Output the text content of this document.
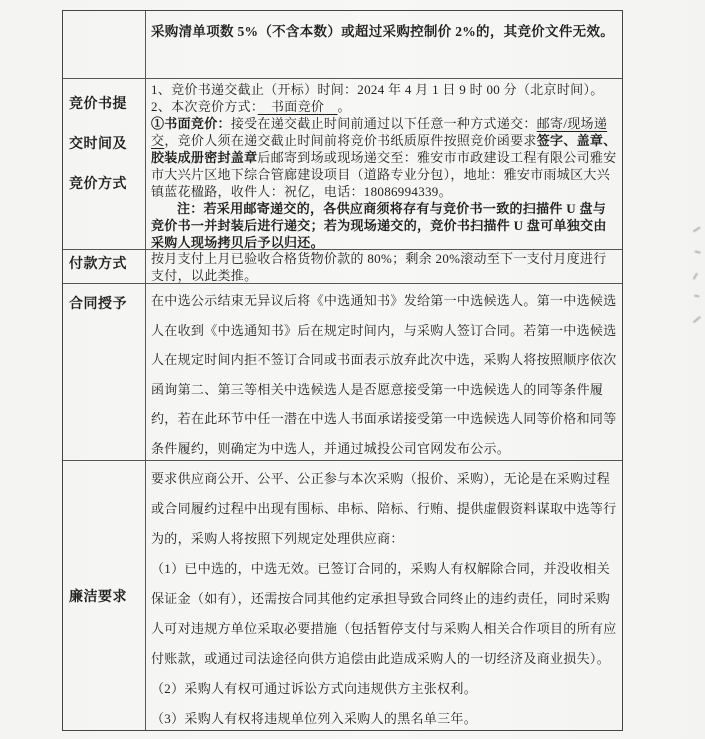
采购清单项数 5%（不含本数）或超过采购控制价 2%的，其竞价文件无效。
竞价书提交时间及竞价方式
1、竞价书递交截止（开标）时间：2024 年 4 月 1 日 9 时 00 分（北京时间）。
2、本次竞价方式：　书面竞价　。
①书面竞价：接受在递交截止时间前通过以下任意一种方式递交：邮寄/现场递交，竞价人须在递交截止时间前将竞价书纸质原件按照竞价函要求签字、盖章、胶装成册密封盖章后邮寄到场或现场递交至：雅安市市政建设工程有限公司雅安市大兴片区地下综合管廊建设项目（道路专业分包），地址：雅安市雨城区大兴镇蓝花楹路，收件人：祝亿，电话：18086994339。
注：若采用邮寄递交的，各供应商须将存有与竞价书一致的扫描件 U 盘与竞价书一并封装后进行递交；若为现场递交的，竞价书扫描件 U 盘可单独交由采购人现场拷贝后予以归还。
付款方式	按月支付上月已验收合格货物价款的 80%；剩余 20%滚动至下一支付月度进行支付，以此类推。
合同授予	在中选公示结束无异议后将《中选通知书》发给第一中选候选人。第一中选候选人在收到《中选通知书》后在规定时间内，与采购人签订合同。若第一中选候选人在规定时间内拒不签订合同或书面表示放弃此次中选，采购人将按照顺序依次函询第二、第三等相关中选候选人是否愿意接受第一中选候选人的同等条件履约，若在此环节中任一潜在中选人书面承诺接受第一中选候选人同等价格和同等条件履约，则确定为中选人，并通过城投公司官网发布公示。
廉洁要求
要求供应商公开、公平、公正参与本次采购（报价、采购），无论是在采购过程或合同履约过程中出现有围标、串标、陪标、行贿、提供虚假资料谋取中选等行为的，采购人将按照下列规定处理供应商：
（1）已中选的，中选无效。已签订合同的，采购人有权解除合同，并没收相关保证金（如有），还需按合同其他约定承担导致合同终止的违约责任，同时采购人可对违规方单位采取必要措施（包括暂停支付与采购人相关合作项目的所有应付账款，或通过司法途径向供方追偿由此造成采购人的一切经济及商业损失）。
（2）采购人有权可通过诉讼方式向违规供方主张权利。
（3）采购人有权将违规单位列入采购人的黑名单三年。
